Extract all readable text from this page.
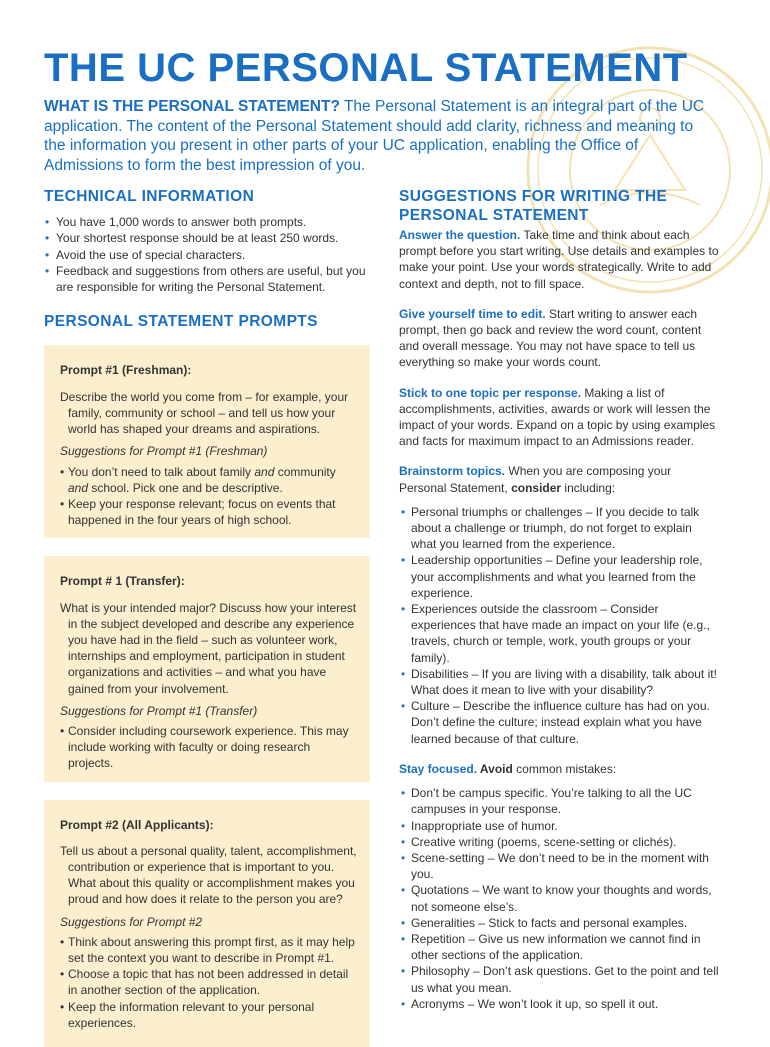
THE UC PERSONAL STATEMENT

WHAT IS THE PERSONAL STATEMENT? The Personal Statement is an integral part of the UC application. The content of the Personal Statement should add clarity, richness and meaning to the information you present in other parts of your UC application, enabling the Office of Admissions to form the best impression of you.

TECHNICAL INFORMATION
• You have 1,000 words to answer both prompts.
• Your shortest response should be at least 250 words.
• Avoid the use of special characters.
• Feedback and suggestions from others are useful, but you are responsible for writing the Personal Statement.
PERSONAL STATEMENT PROMPTS

Prompt #1 (Freshman):

Describe the world you come from – for example, your family, community or school – and tell us how your world has shaped your dreams and aspirations.

Suggestions for Prompt #1 (Freshman)

• You don’t need to talk about family and community and school. Pick one and be descriptive.
• Keep your response relevant; focus on events that happened in the four years of high school.

Prompt # 1 (Transfer):

What is your intended major? Discuss how your interest in the subject developed and describe any experience you have had in the field – such as volunteer work, internships and employment, participation in student organizations and activities – and what you have gained from your involvement.

Suggestions for Prompt #1 (Transfer)

• Consider including coursework experience. This may include working with faculty or doing research projects.

Prompt #2 (All Applicants):

Tell us about a personal quality, talent, accomplishment, contribution or experience that is important to you. What about this quality or accomplishment makes you proud and how does it relate to the person you are?

Suggestions for Prompt #2

• Think about answering this prompt first, as it may help set the context you want to describe in Prompt #1.
• Choose a topic that has not been addressed in detail in another section of the application.
• Keep the information relevant to your personal experiences.
SUGGESTIONS FOR WRITING THE
PERSONAL STATEMENT

Answer the question. Take time and think about each prompt before you start writing. Use details and examples to make your point. Use your words strategically. Write to add context and depth, not to fill space.

Give yourself time to edit. Start writing to answer each prompt, then go back and review the word count, content and overall message. You may not have space to tell us everything so make your words count.

Stick to one topic per response. Making a list of accomplishments, activities, awards or work will lessen the impact of your words. Expand on a topic by using examples and facts for maximum impact to an Admissions reader.

Brainstorm topics. When you are composing your Personal Statement, consider including:

• Personal triumphs or challenges – If you decide to talk about a challenge or triumph, do not forget to explain what you learned from the experience.
• Leadership opportunities – Define your leadership role, your accomplishments and what you learned from the experience.
• Experiences outside the classroom – Consider experiences that have made an impact on your life (e.g., travels, church or temple, work, youth groups or your family).
• Disabilities – If you are living with a disability, talk about it! What does it mean to live with your disability?
• Culture – Describe the influence culture has had on you. Don’t define the culture; instead explain what you have learned because of that culture.

Stay focused. Avoid common mistakes:

• Don’t be campus specific. You’re talking to all the UC campuses in your response.
• Inappropriate use of humor.
• Creative writing (poems, scene-setting or clichés).
• Scene-setting – We don’t need to be in the moment with you.
• Quotations – We want to know your thoughts and words, not someone else’s.
• Generalities – Stick to facts and personal examples.
• Repetition – Give us new information we cannot find in other sections of the application.
• Philosophy – Don’t ask questions. Get to the point and tell us what you mean.
• Acronyms – We won’t look it up, so spell it out.
